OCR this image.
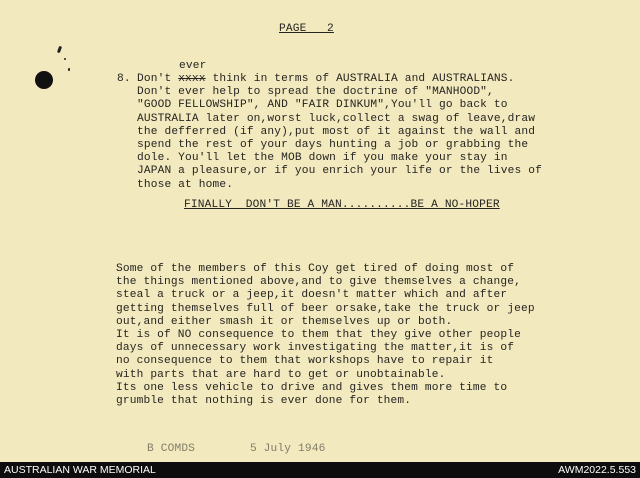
PAGE   2
ever
8. Don't xxxx think in terms of AUSTRALIA and AUSTRALIANS.
Don't ever help to spread the doctrine of "MANHOOD",
"GOOD FELLOWSHIP", AND "FAIR DINKUM",You'll go back to
AUSTRALIA later on,worst luck,collect a swag of leave,draw
the defferred (if any),put most of it against the wall and
spend the rest of your days hunting a job or grabbing the
dole. You'll let the MOB down if you make your stay in
JAPAN a pleasure,or if you enrich your life or the lives of
those at home.
FINALLY  DON'T BE A MAN..........BE A NO-HOPER
Some of the members of this Coy get tired of doing most of
the things mentioned above,and to give themselves a change,
steal a truck or a jeep,it doesn't matter which and after
getting themselves full of beer orsake,take the truck or jeep
out,and either smash it or themselves up or both.
It is of NO consequence to them that they give other people
days of unnecessary work investigating the matter,it is of
no consequence to them that workshops have to repair it
with parts that are hard to get or unobtainable.
Its one less vehicle to drive and gives them more time to
grumble that nothing is ever done for them.
B COMDS        5 July 1946
AUSTRALIAN WAR MEMORIAL	AWM2022.5.553
